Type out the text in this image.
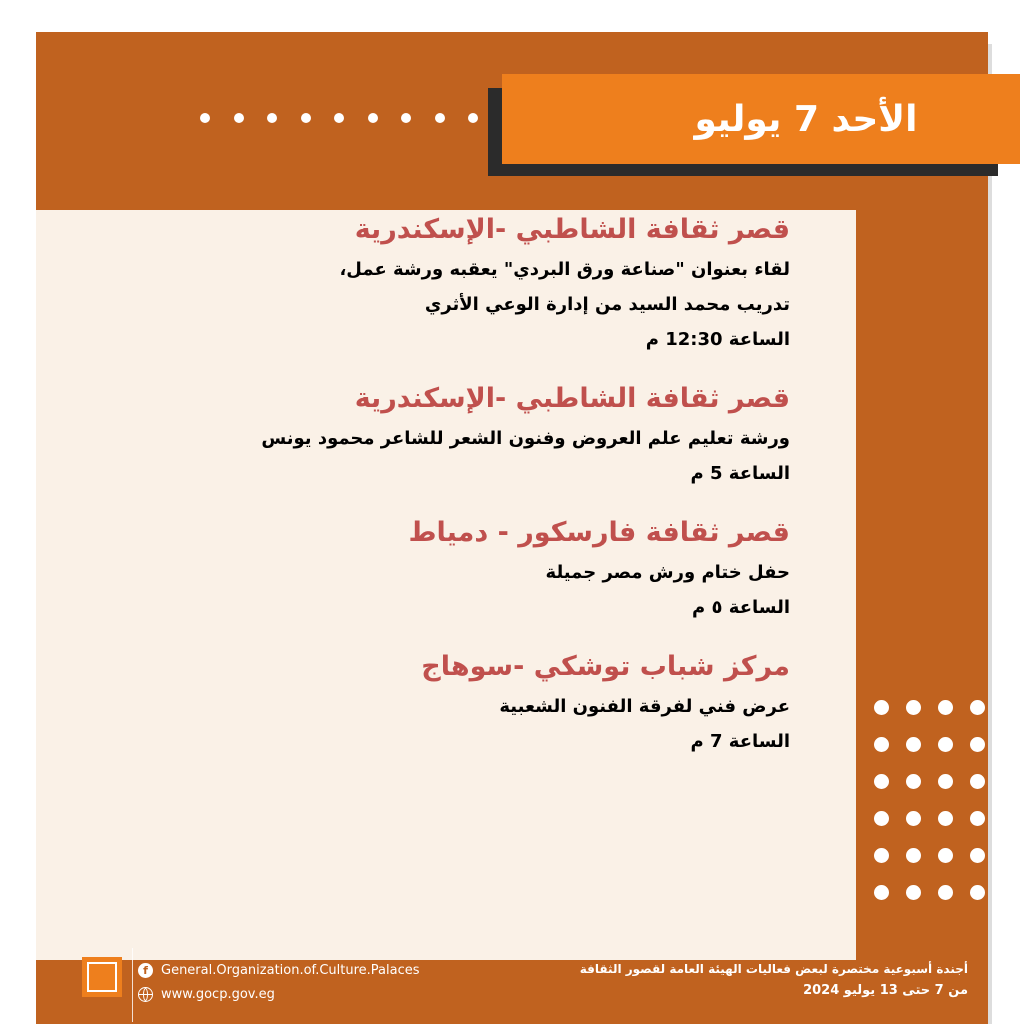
الأحد 7 يوليو
قصر ثقافة الشاطبي -الإسكندرية
لقاء بعنوان "صناعة ورق البردي" يعقبه ورشة عمل،
تدريب محمد السيد من إدارة الوعي الأثري
الساعة 12:30 م
قصر ثقافة الشاطبي -الإسكندرية
ورشة تعليم علم العروض وفنون الشعر للشاعر محمود يونس
الساعة 5 م
قصر ثقافة فارسكور - دمياط
حفل ختام ورش مصر جميلة
الساعة ٥ م
مركز شباب توشكي -سوهاج
عرض فني لفرقة الفنون الشعبية
الساعة 7 م
f	General.Organization.of.Culture.Palaces
www.gocp.gov.eg
أجندة أسبوعية مختصرة لبعض فعاليات الهيئة العامة لقصور الثقافة
من 7 حتى 13 يوليو 2024
